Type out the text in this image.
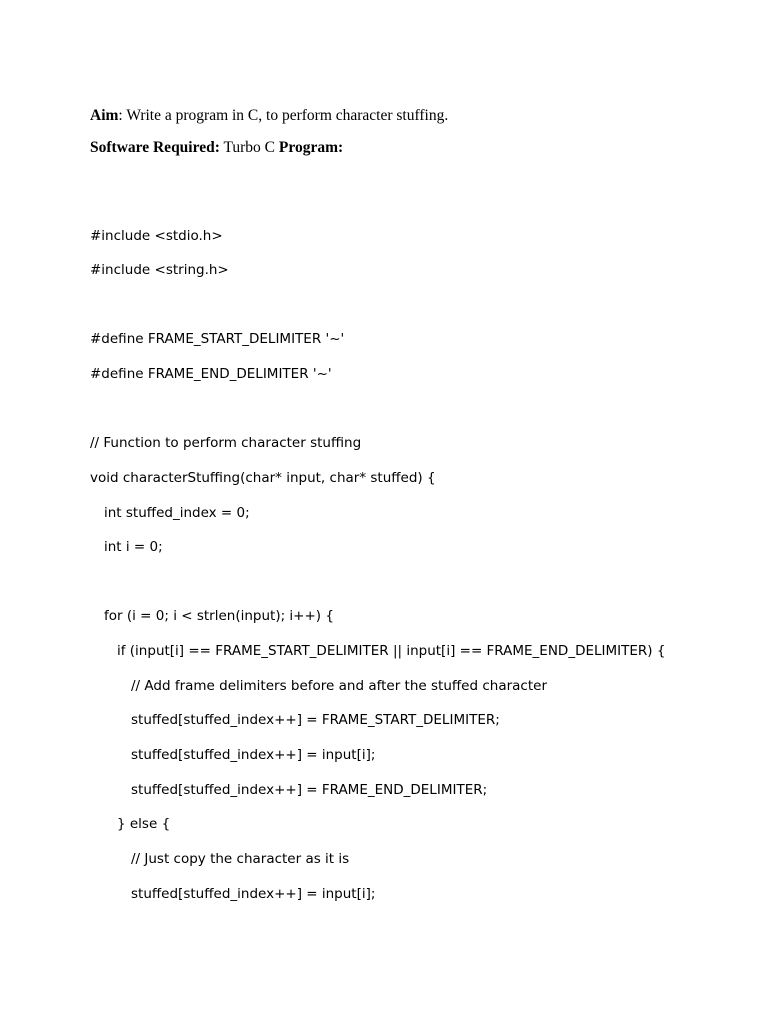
Aim: Write a program in C, to perform character stuffing.
Software Required: Turbo C Program:
#include <stdio.h>
#include <string.h>
#define FRAME_START_DELIMITER '~'
#define FRAME_END_DELIMITER '~'
// Function to perform character stuffing
void characterStuffing(char* input, char* stuffed) {
int stuffed_index = 0;
int i = 0;
for (i = 0; i < strlen(input); i++) {
if (input[i] == FRAME_START_DELIMITER || input[i] == FRAME_END_DELIMITER) {
// Add frame delimiters before and after the stuffed character
stuffed[stuffed_index++] = FRAME_START_DELIMITER;
stuffed[stuffed_index++] = input[i];
stuffed[stuffed_index++] = FRAME_END_DELIMITER;
} else {
// Just copy the character as it is
stuffed[stuffed_index++] = input[i];
